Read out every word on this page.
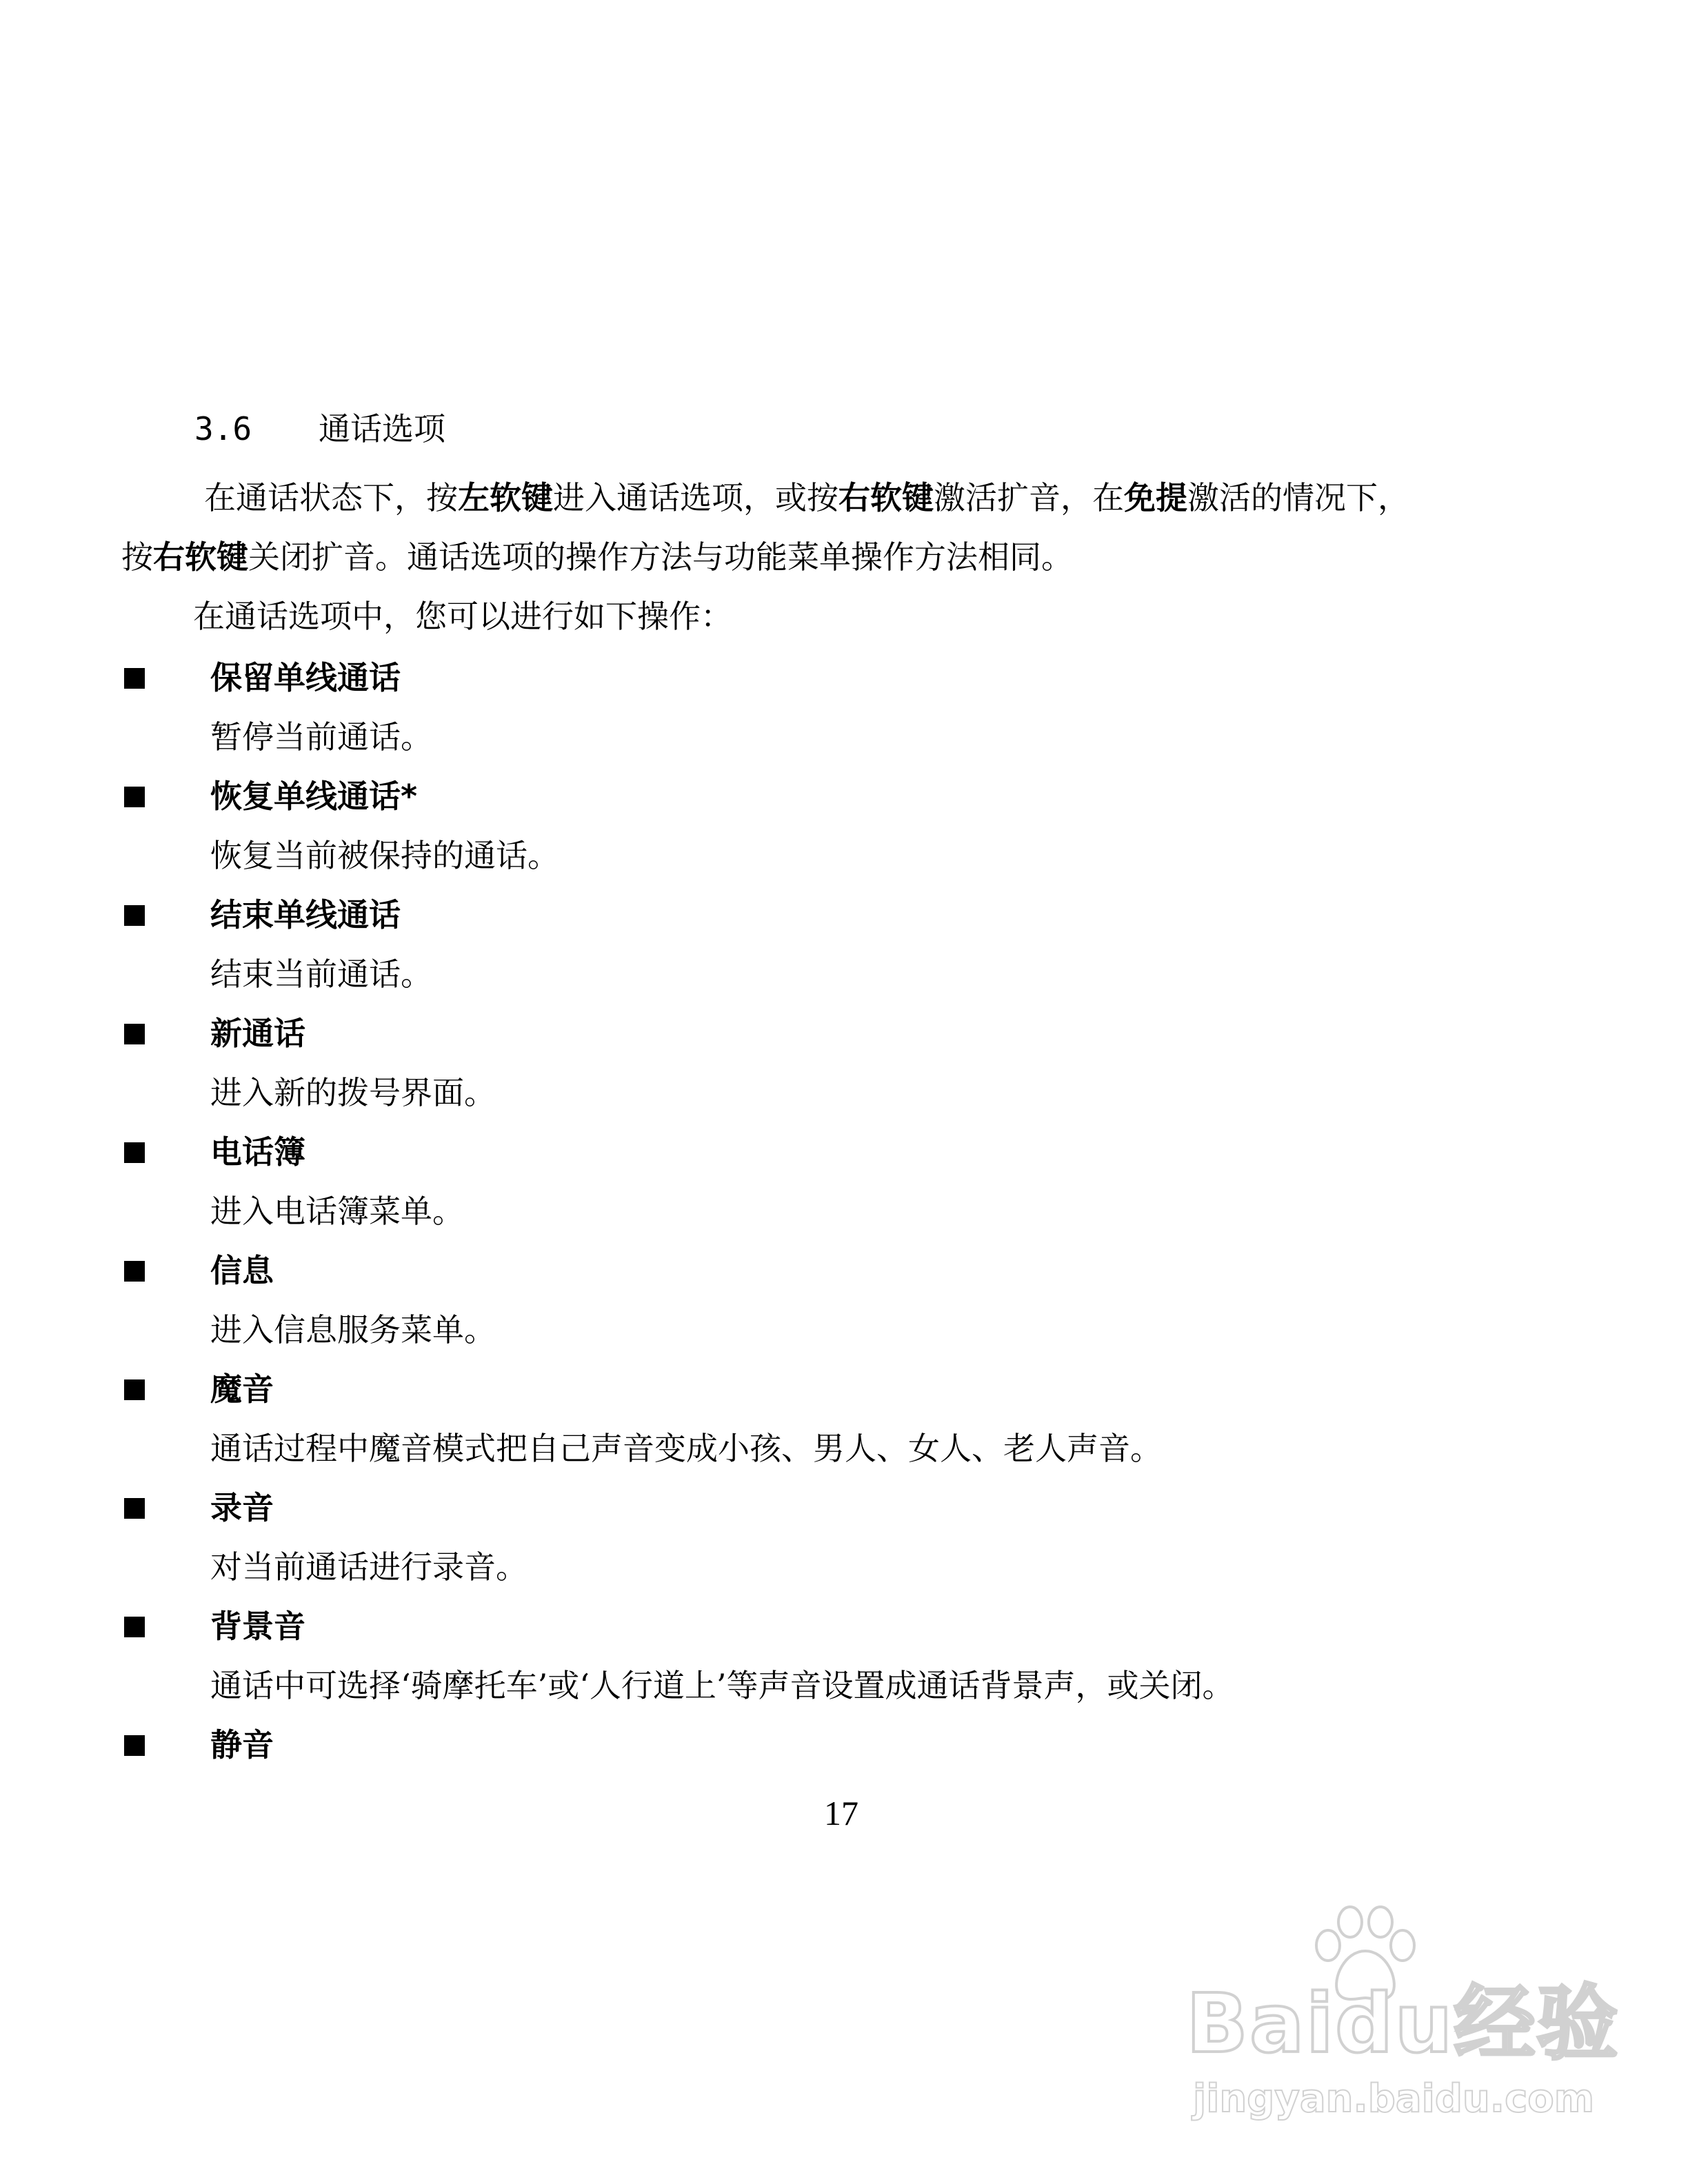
3.6 通话选项
在通话状态下，按左软键进入通话选项，或按右软键激活扩音，在免提激活的情况下，
按右软键关闭扩音。通话选项的操作方法与功能菜单操作方法相同。
在通话选项中，您可以进行如下操作：
保留单线通话
暂停当前通话。
恢复单线通话*
恢复当前被保持的通话。
结束单线通话
结束当前通话。
新通话
进入新的拨号界面。
电话簿
进入电话簿菜单。
信息
进入信息服务菜单。
魔音
通话过程中魔音模式把自己声音变成小孩、男人、女人、老人声音。
录音
对当前通话进行录音。
背景音
通话中可选择‘骑摩托车’或‘人行道上’等声音设置成通话背景声，或关闭。
静音
17
Baidu经验
jingyan.baidu.com
